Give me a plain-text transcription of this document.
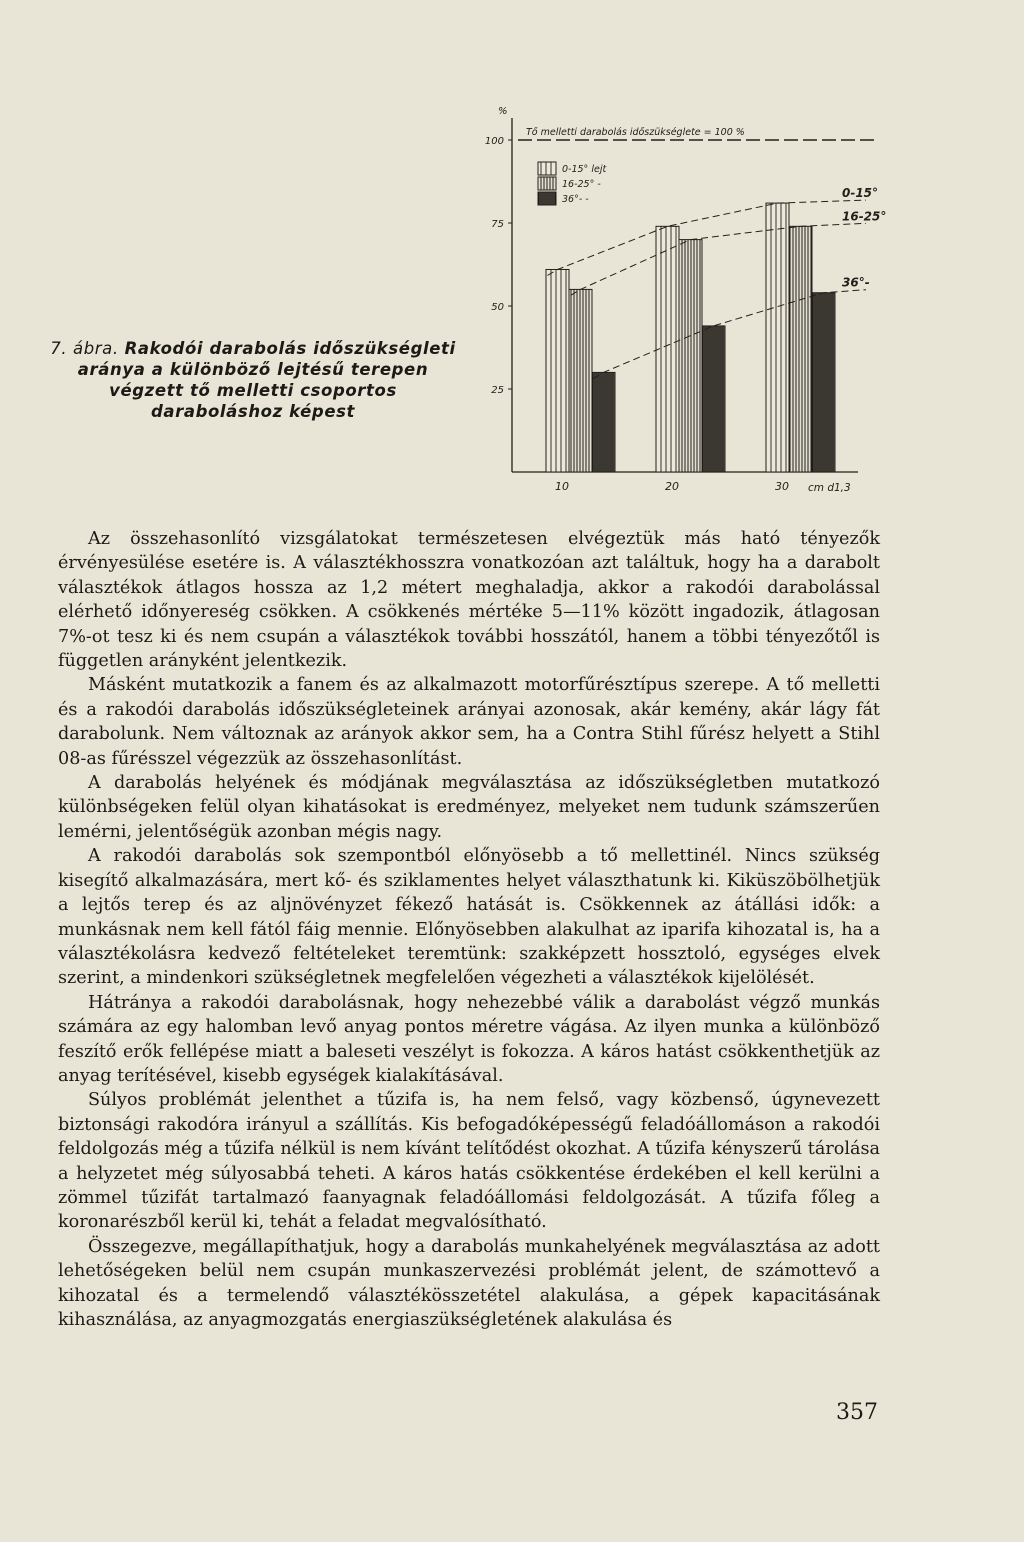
7. ábra. Rakodói darabolás időszükségleti aránya a különböző lejtésű terepen végzett tő melletti csoportos daraboláshoz képest
%
100
75
50
25
Tő melletti darabolás időszükséglete = 100 %
10	20	30 cm d1,3
0-15°
16-25°
36°-
0-15° lejt
16-25° -
36°- -

Az összehasonlító vizsgálatokat természetesen elvégeztük más ható tényezők érvényesülése esetére is. A választékhosszra vonatkozóan azt találtuk, hogy ha a darabolt választékok átlagos hossza az 1,2 métert meghaladja, akkor a rakodói darabolással elérhető időnyereség csökken. A csökkenés mértéke 5—11% között ingadozik, átlagosan 7%-ot tesz ki és nem csupán a választékok további hosszától, hanem a többi tényezőtől is független arányként jelentkezik.

Másként mutatkozik a fanem és az alkalmazott motorfűrésztípus szerepe. A tő melletti és a rakodói darabolás időszükségleteinek arányai azonosak, akár kemény, akár lágy fát darabolunk. Nem változnak az arányok akkor sem, ha a Contra Stihl fűrész helyett a Stihl 08-as fűrésszel végezzük az összehasonlítást.

A darabolás helyének és módjának megválasztása az időszükségletben mutatkozó különbségeken felül olyan kihatásokat is eredményez, melyeket nem tudunk számszerűen lemérni, jelentőségük azonban mégis nagy.

A rakodói darabolás sok szempontból előnyösebb a tő mellettinél. Nincs szükség kisegítő alkalmazására, mert kő- és sziklamentes helyet választhatunk ki. Kiküszöbölhetjük a lejtős terep és az aljnövényzet fékező hatását is. Csökkennek az átállási idők: a munkásnak nem kell fától fáig mennie. Előnyösebben alakulhat az iparifa kihozatal is, ha a választékolásra kedvező feltételeket teremtünk: szakképzett hossztoló, egységes elvek szerint, a mindenkori szükségletnek megfelelően végezheti a választékok kijelölését.

Hátránya a rakodói darabolásnak, hogy nehezebbé válik a darabolást végző munkás számára az egy halomban levő anyag pontos méretre vágása. Az ilyen munka a különböző feszítő erők fellépése miatt a baleseti veszélyt is fokozza. A káros hatást csökkenthetjük az anyag terítésével, kisebb egységek kialakításával.

Súlyos problémát jelenthet a tűzifa is, ha nem felső, vagy közbenső, úgynevezett biztonsági rakodóra irányul a szállítás. Kis befogadóképességű feladóállomáson a rakodói feldolgozás még a tűzifa nélkül is nem kívánt telítődést okozhat. A tűzifa kényszerű tárolása a helyzetet még súlyosabbá teheti. A káros hatás csökkentése érdekében el kell kerülni a zömmel tűzifát tartalmazó faanyagnak feladóállomási feldolgozását. A tűzifa főleg a koronarészből kerül ki, tehát a feladat megvalósítható.

Összegezve, megállapíthatjuk, hogy a darabolás munkahelyének megválasztása az adott lehetőségeken belül nem csupán munkaszervezési problémát jelent, de számottevő a kihozatal és a termelendő választékösszetétel alakulása, a gépek kapacitásának kihasználása, az anyagmozgatás energiaszükségletének alakulása és

357
